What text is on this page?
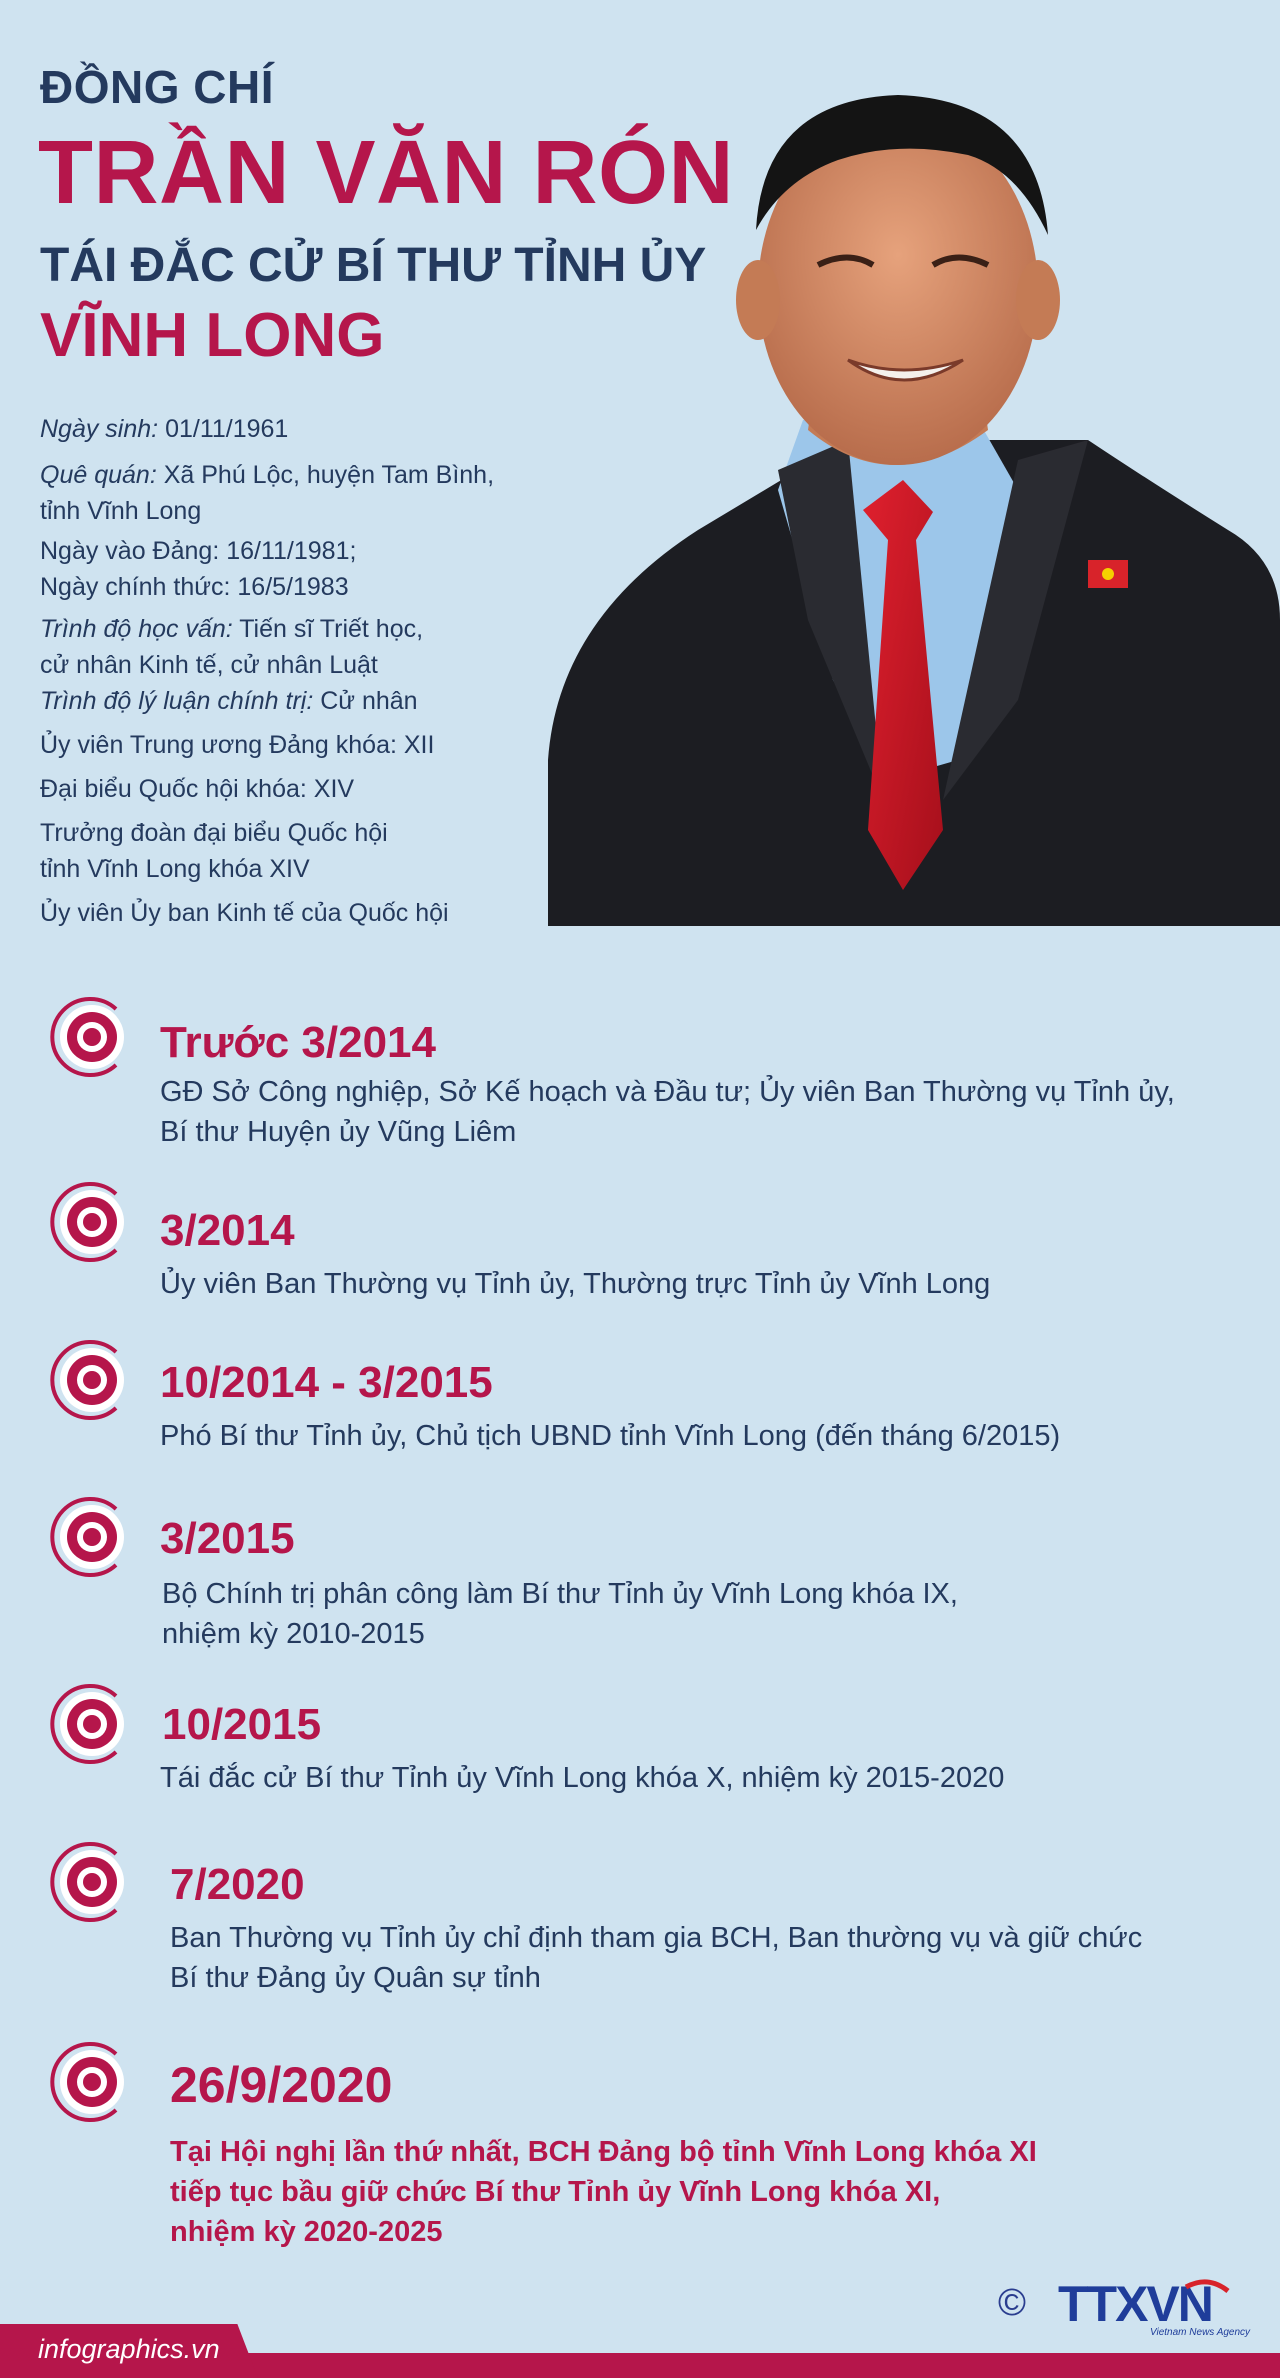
ĐỒNG CHÍ
TRẦN VĂN RÓN
TÁI ĐẮC CỬ BÍ THƯ TỈNH ỦY
VĨNH LONG
Ngày sinh: 01/11/1961
Quê quán: Xã Phú Lộc, huyện Tam Bình,
tỉnh Vĩnh Long
Ngày vào Đảng: 16/11/1981;
Ngày chính thức: 16/5/1983
Trình độ học vấn: Tiến sĩ Triết học,
cử nhân Kinh tế, cử nhân Luật
Trình độ lý luận chính trị: Cử nhân
Ủy viên Trung ương Đảng khóa: XII
Đại biểu Quốc hội khóa: XIV
Trưởng đoàn đại biểu Quốc hội
tỉnh Vĩnh Long khóa XIV
Ủy viên Ủy ban Kinh tế của Quốc hội
Trước 3/2014
GĐ Sở Công nghiệp, Sở Kế hoạch và Đầu tư; Ủy viên Ban Thường vụ Tỉnh ủy,
Bí thư Huyện ủy Vũng Liêm
3/2014
Ủy viên Ban Thường vụ Tỉnh ủy, Thường trực Tỉnh ủy Vĩnh Long
10/2014 - 3/2015
Phó Bí thư Tỉnh ủy, Chủ tịch UBND tỉnh Vĩnh Long (đến tháng 6/2015)
3/2015
Bộ Chính trị phân công làm Bí thư Tỉnh ủy Vĩnh Long khóa IX,
nhiệm kỳ 2010-2015
10/2015
Tái đắc cử Bí thư Tỉnh ủy Vĩnh Long khóa X, nhiệm kỳ 2015-2020
7/2020
Ban Thường vụ Tỉnh ủy chỉ định tham gia BCH, Ban thường vụ và giữ chức
Bí thư Đảng ủy Quân sự tỉnh
26/9/2020
Tại Hội nghị lần thứ nhất, BCH Đảng bộ tỉnh Vĩnh Long khóa XI
tiếp tục bầu giữ chức Bí thư Tỉnh ủy Vĩnh Long khóa XI,
nhiệm kỳ 2020-2025
© TTXVN
Vietnam News Agency
infographics.vn
